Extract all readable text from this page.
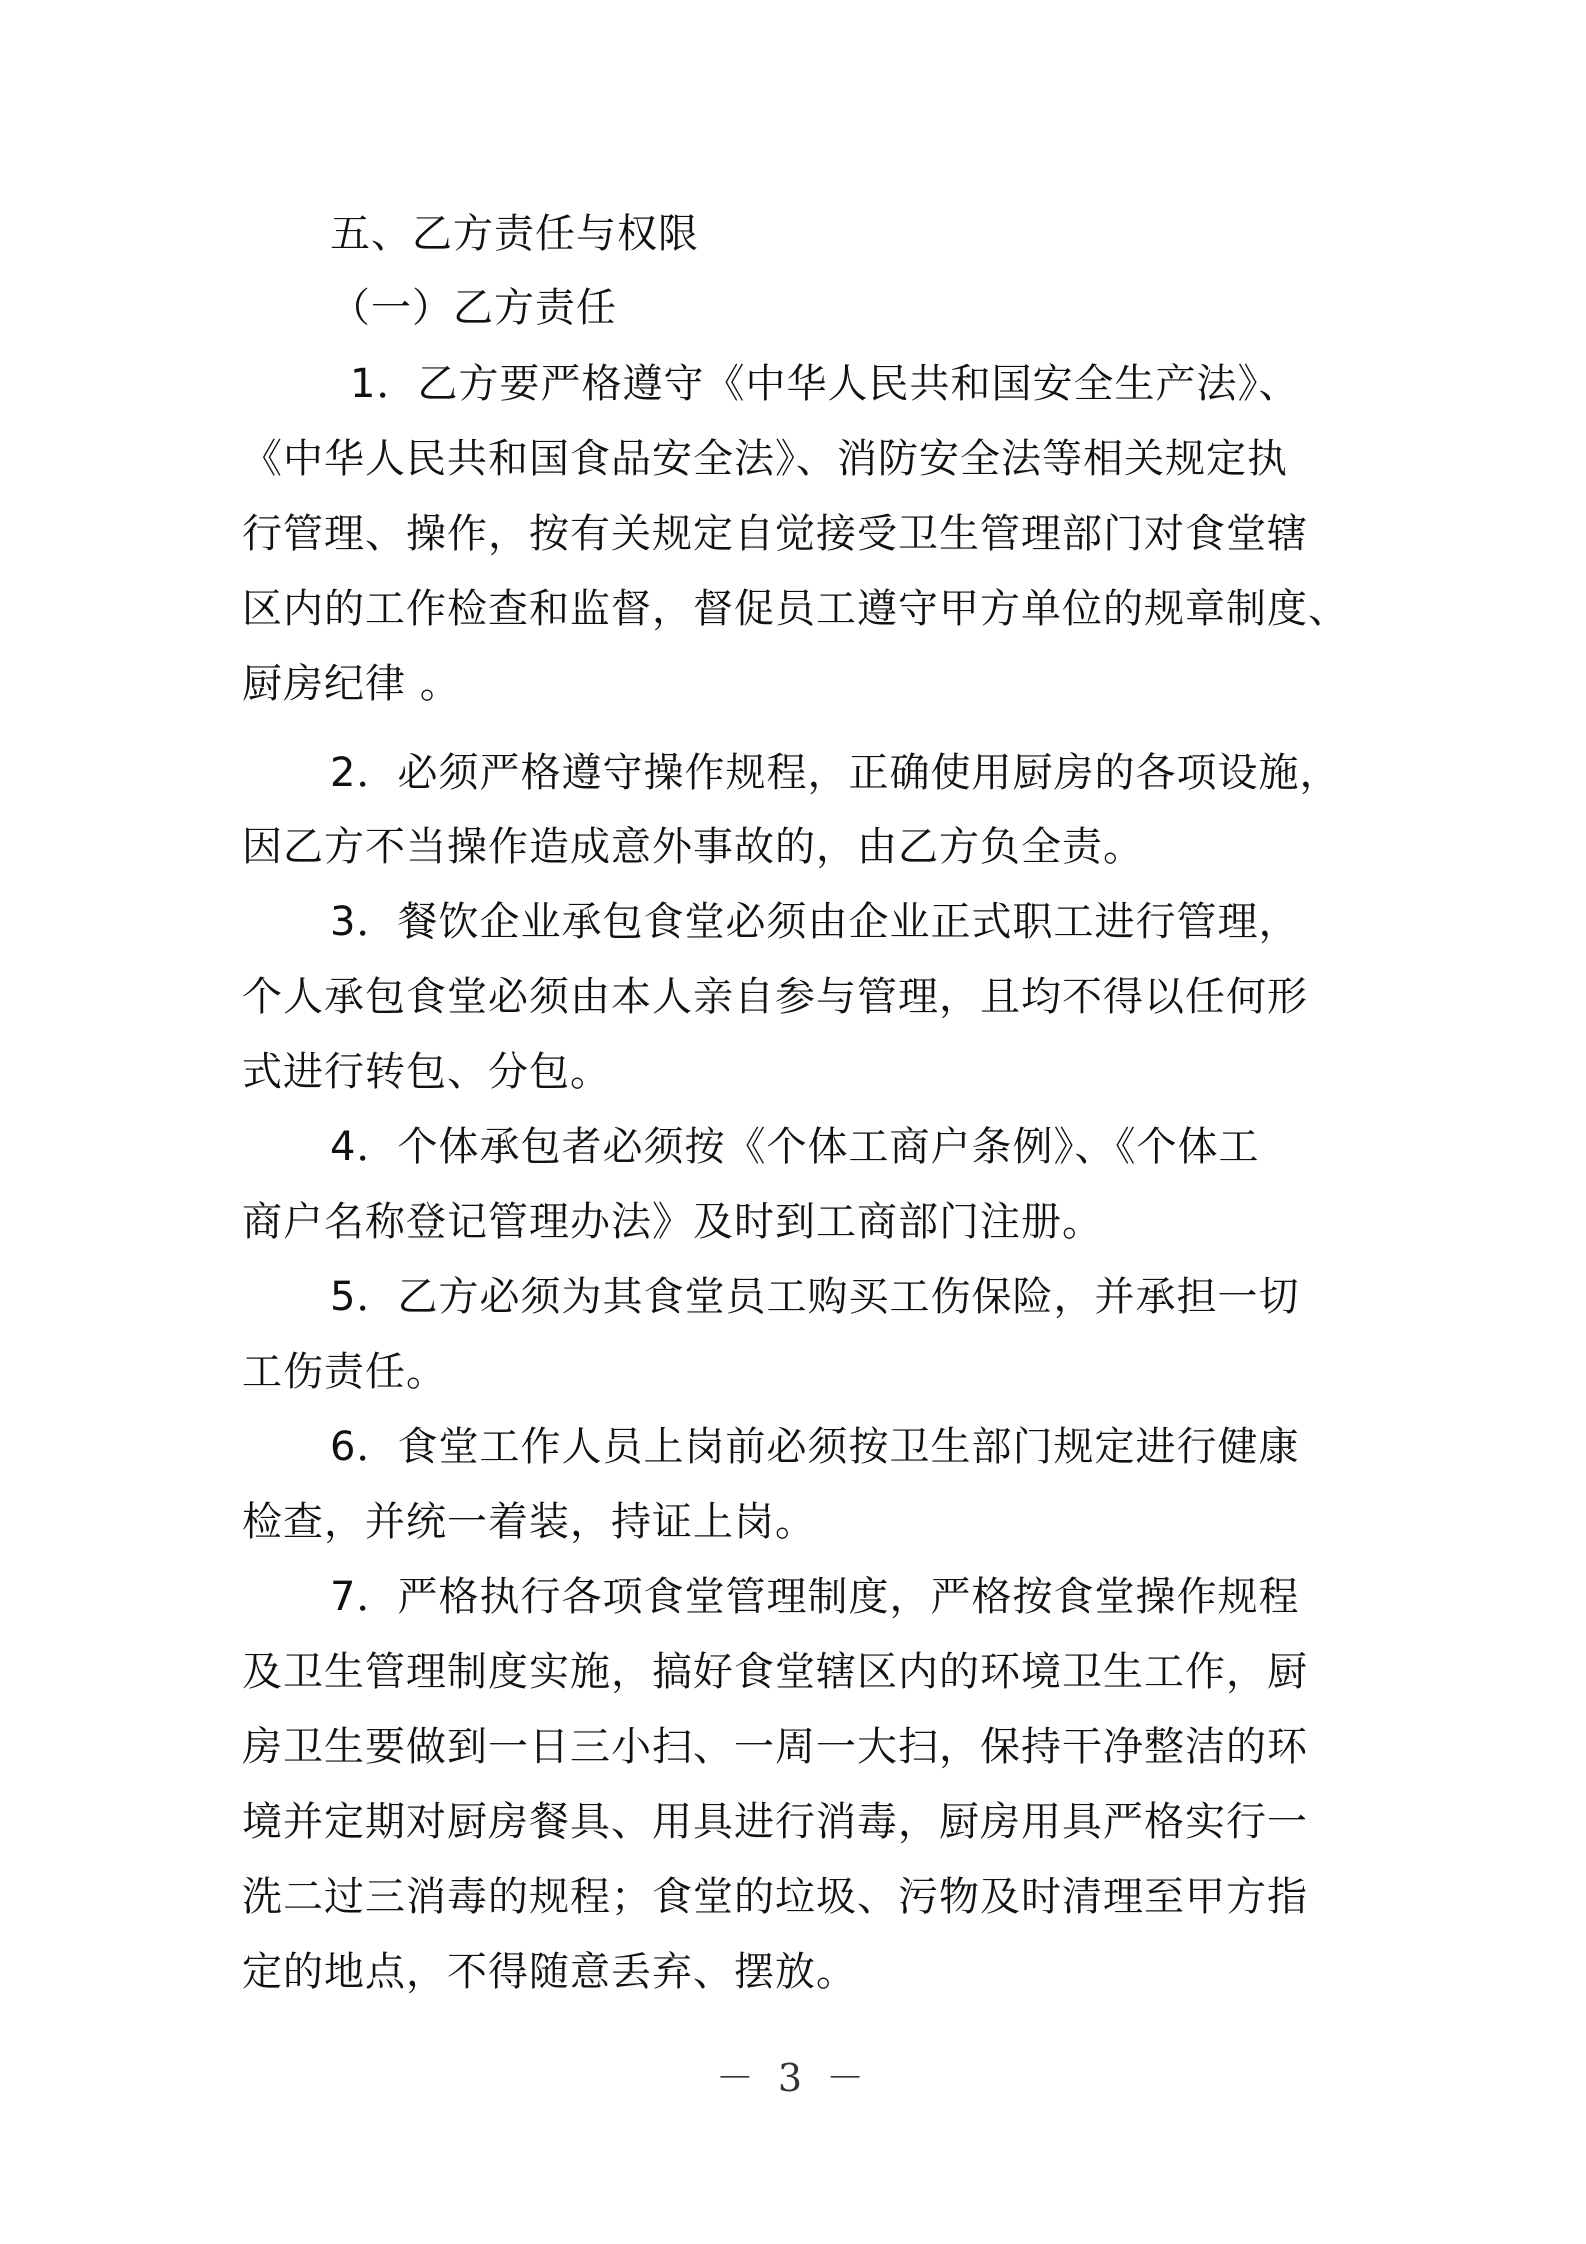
五、乙方责任与权限
（一）乙方责任
1．乙方要严格遵守《中华人民共和国安全生产法》、
《中华人民共和国食品安全法》、消防安全法等相关规定执
行管理、操作，按有关规定自觉接受卫生管理部门对食堂辖
区内的工作检查和监督，督促员工遵守甲方单位的规章制度、
厨房纪律 。
2．必须严格遵守操作规程，正确使用厨房的各项设施，
因乙方不当操作造成意外事故的，由乙方负全责。
3．餐饮企业承包食堂必须由企业正式职工进行管理，
个人承包食堂必须由本人亲自参与管理，且均不得以任何形
式进行转包、分包。
4．个体承包者必须按《个体工商户条例》、《个体工
商户名称登记管理办法》及时到工商部门注册。
5．乙方必须为其食堂员工购买工伤保险，并承担一切
工伤责任。
6．食堂工作人员上岗前必须按卫生部门规定进行健康
检查，并统一着装，持证上岗。
7．严格执行各项食堂管理制度，严格按食堂操作规程
及卫生管理制度实施，搞好食堂辖区内的环境卫生工作，厨
房卫生要做到一日三小扫、一周一大扫，保持干净整洁的环
境并定期对厨房餐具、用具进行消毒，厨房用具严格实行一
洗二过三消毒的规程；食堂的垃圾、污物及时清理至甲方指
定的地点，不得随意丢弃、摆放。
－ 3 －
